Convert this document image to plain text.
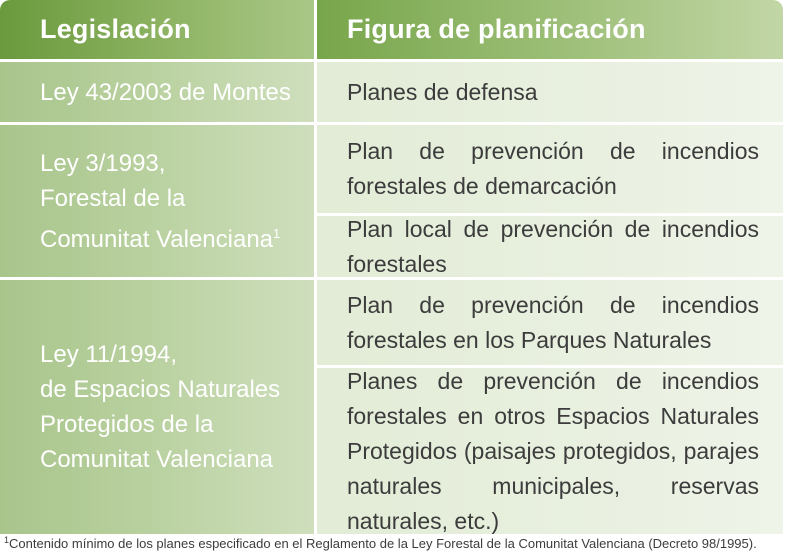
Legislación	Figura de planificación
Ley 43/2003 de Montes Planes de defensa
Ley 3/1993,
Forestal de la
Comunitat Valenciana$^1$
Plan de prevención de incendios forestales de demarcación
Plan local de prevención de incendios forestales
Ley 11/1994,
de Espacios Naturales
Protegidos de la
Comunitat Valenciana
Plan de prevención de incendios forestales en los Parques Naturales
Planes de prevención de incendios forestales en otros Espacios Naturales Protegidos (paisajes protegidos, parajes naturales municipales, reservas naturales, etc.)
$^1$Contenido mínimo de los planes especificado en el Reglamento de la Ley Forestal de la Comunitat Valenciana (Decreto 98/1995).
